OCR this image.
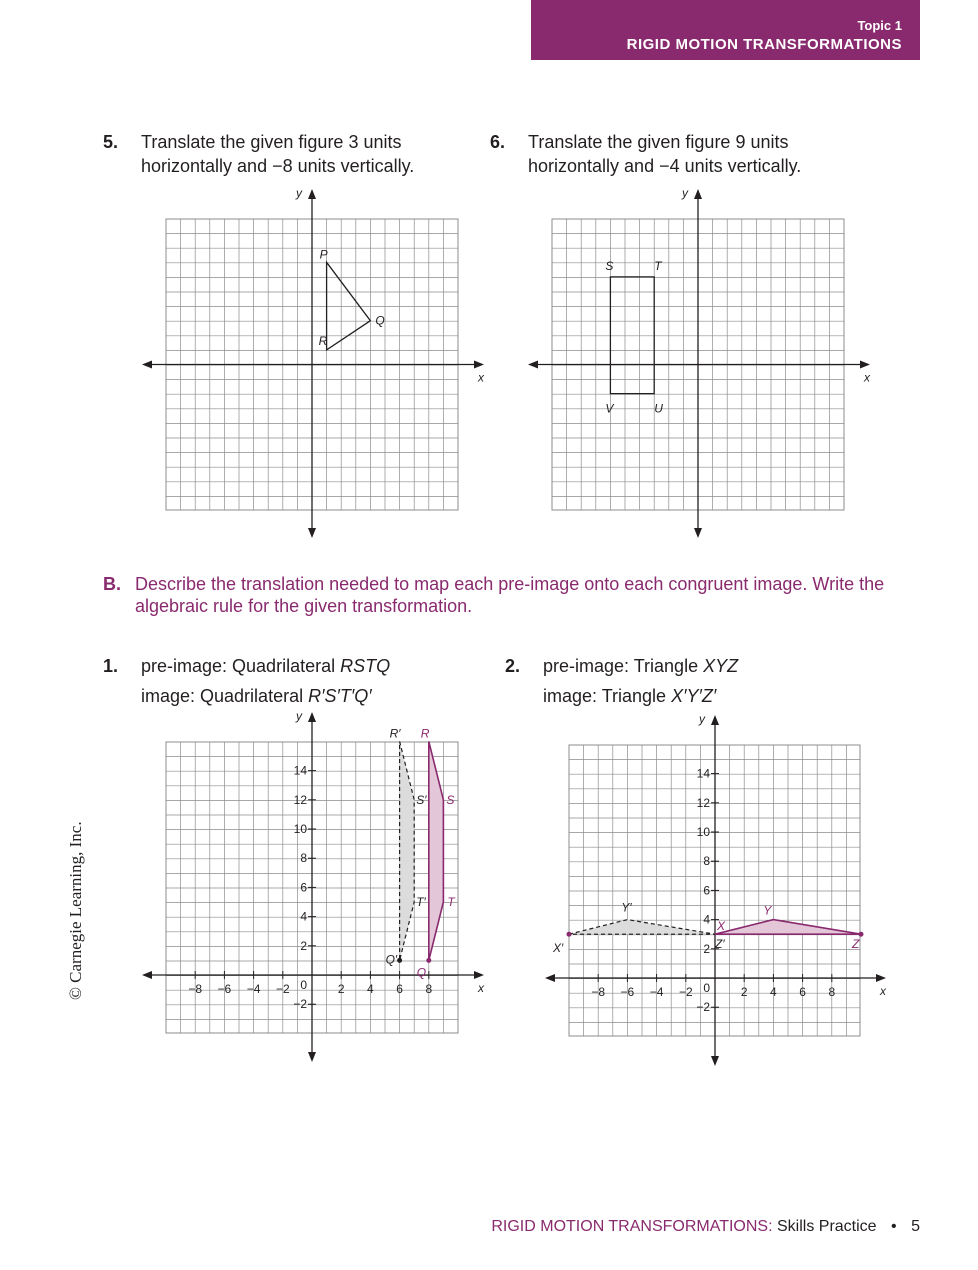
Topic 1
RIGID MOTION TRANSFORMATIONS
5. Translate the given figure 3 units
horizontally and −8 units vertically.
6. Translate the given figure 9 units
horizontally and −4 units vertically.
x
y
P
Q
R
x
y
S	T
U
V
B. Describe the translation needed to map each pre-image onto each congruent image. Write the algebraic rule for the given transformation.
1. pre-image: Quadrilateral RSTQ
image: Quadrilateral R′S′T′Q′
2. pre-image: Triangle XYZ
image: Triangle X′Y′Z′
−8 −6 −4 −2	2 4 6 8
−2
2
4
6
8
10
12
14
0	x
y
R
S
T
Q
R′
S′
T′
Q′
−8 −6 −4 −2	2 4 6 8
−2
2
4
6
8
10
12
14
0	x
y
X
Y
Z
X′
Y′
Z′
© Carnegie Learning, Inc.
RIGID MOTION TRANSFORMATIONS: Skills Practice • 5
